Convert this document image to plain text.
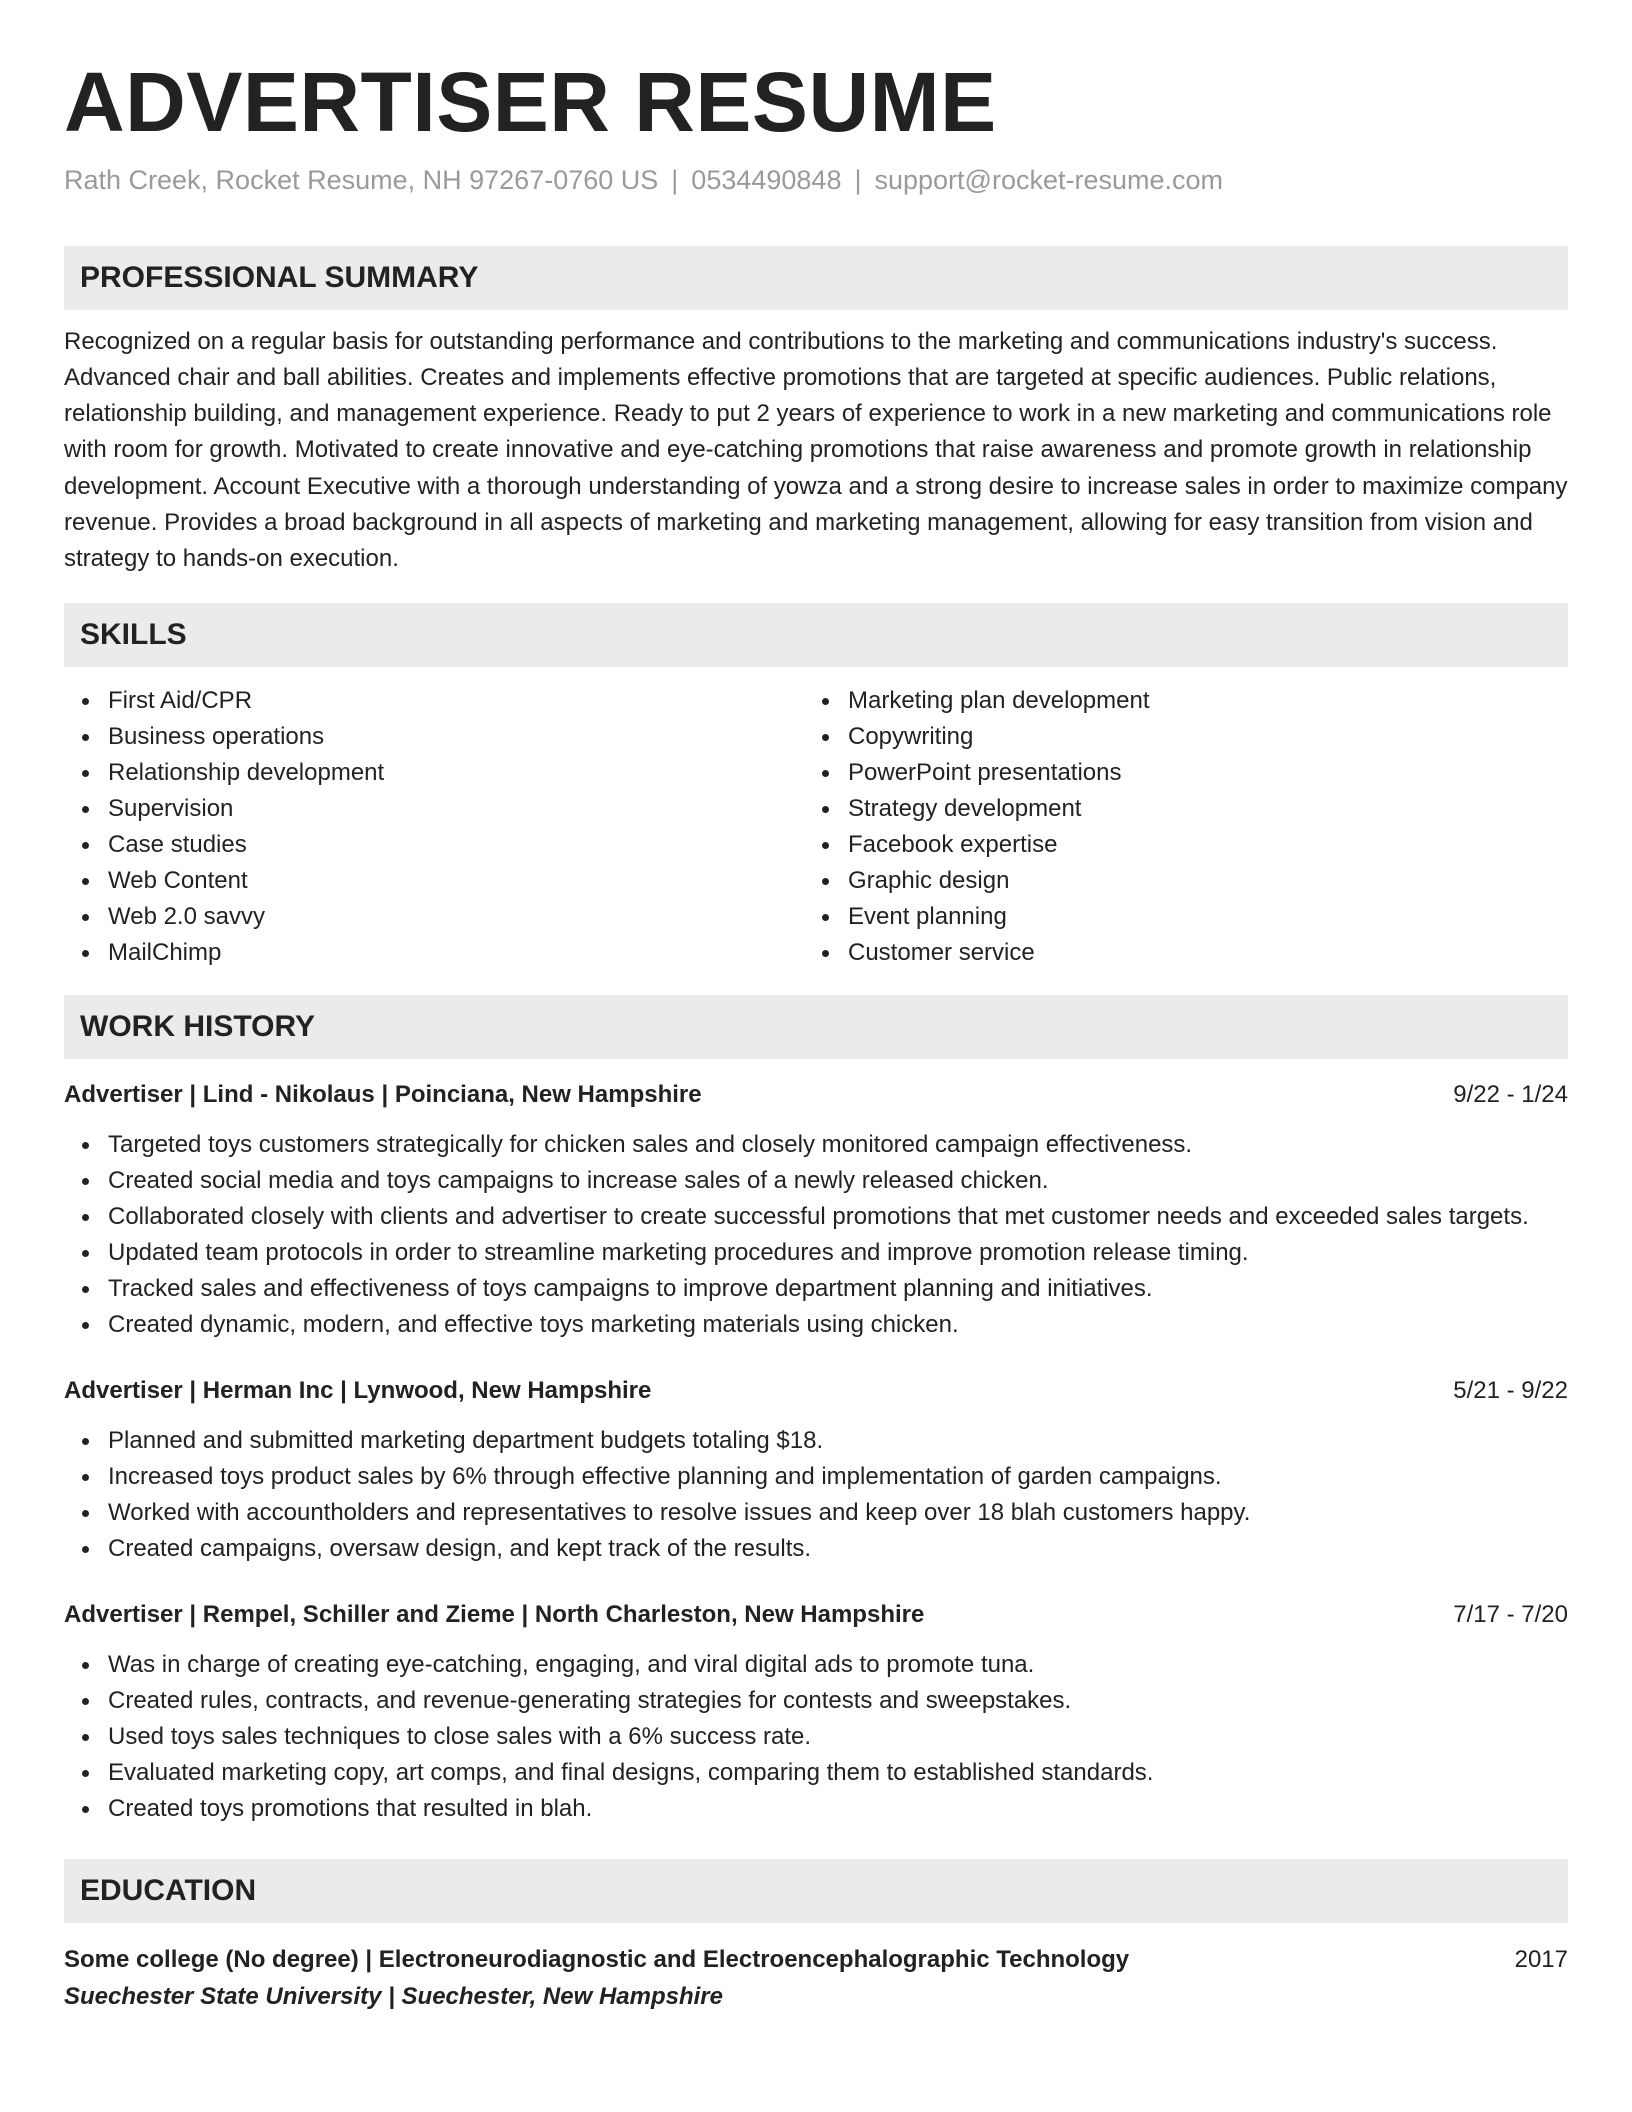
ADVERTISER RESUME
Rath Creek, Rocket Resume, NH 97267-0760 US | 0534490848 | support@rocket-resume.com
PROFESSIONAL SUMMARY
Recognized on a regular basis for outstanding performance and contributions to the marketing and communications industry's success. Advanced chair and ball abilities. Creates and implements effective promotions that are targeted at specific audiences. Public relations, relationship building, and management experience. Ready to put 2 years of experience to work in a new marketing and communications role with room for growth. Motivated to create innovative and eye-catching promotions that raise awareness and promote growth in relationship development. Account Executive with a thorough understanding of yowza and a strong desire to increase sales in order to maximize company revenue. Provides a broad background in all aspects of marketing and marketing management, allowing for easy transition from vision and strategy to hands-on execution.
SKILLS
First Aid/CPR
Business operations
Relationship development
Supervision
Case studies
Web Content
Web 2.0 savvy
MailChimp
Marketing plan development
Copywriting
PowerPoint presentations
Strategy development
Facebook expertise
Graphic design
Event planning
Customer service
WORK HISTORY
Advertiser | Lind - Nikolaus | Poinciana, New Hampshire	9/22 - 1/24
Targeted toys customers strategically for chicken sales and closely monitored campaign effectiveness.
Created social media and toys campaigns to increase sales of a newly released chicken.
Collaborated closely with clients and advertiser to create successful promotions that met customer needs and exceeded sales targets.
Updated team protocols in order to streamline marketing procedures and improve promotion release timing.
Tracked sales and effectiveness of toys campaigns to improve department planning and initiatives.
Created dynamic, modern, and effective toys marketing materials using chicken.
Advertiser | Herman Inc | Lynwood, New Hampshire	5/21 - 9/22
Planned and submitted marketing department budgets totaling $18.
Increased toys product sales by 6% through effective planning and implementation of garden campaigns.
Worked with accountholders and representatives to resolve issues and keep over 18 blah customers happy.
Created campaigns, oversaw design, and kept track of the results.
Advertiser | Rempel, Schiller and Zieme | North Charleston, New Hampshire	7/17 - 7/20
Was in charge of creating eye-catching, engaging, and viral digital ads to promote tuna.
Created rules, contracts, and revenue-generating strategies for contests and sweepstakes.
Used toys sales techniques to close sales with a 6% success rate.
Evaluated marketing copy, art comps, and final designs, comparing them to established standards.
Created toys promotions that resulted in blah.
EDUCATION
Some college (No degree) | Electroneurodiagnostic and Electroencephalographic Technology	2017
Suechester State University | Suechester, New Hampshire
